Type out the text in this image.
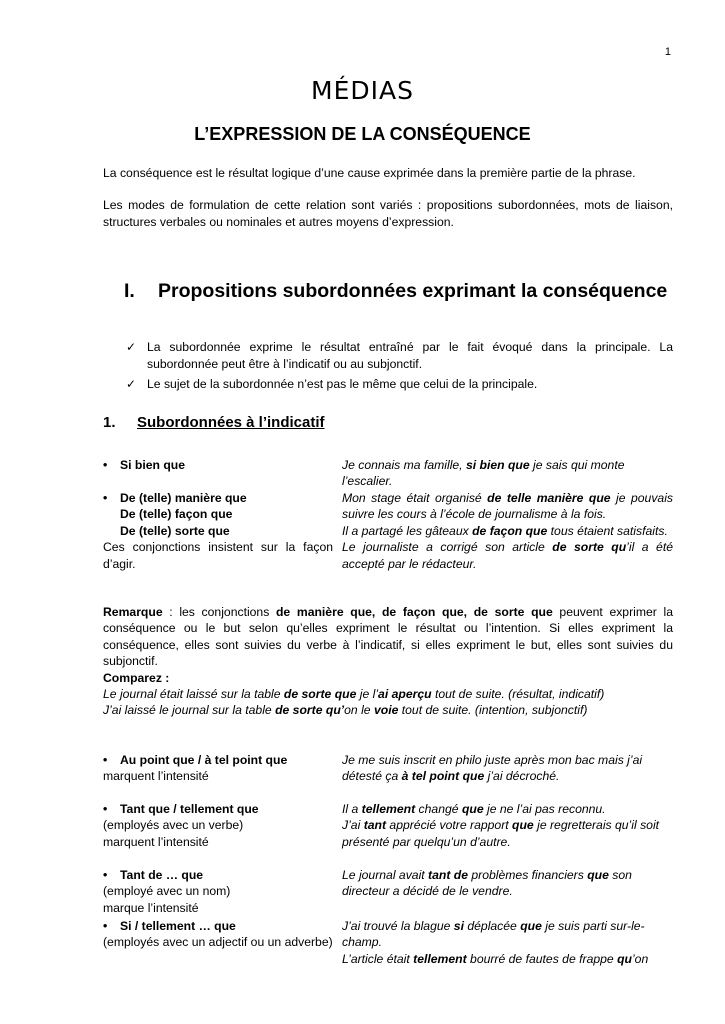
1
MÉDIAS
L’EXPRESSION DE LA CONSÉQUENCE
La conséquence est le résultat logique d’une cause exprimée dans la première partie de la phrase.
Les modes de formulation de cette relation sont variés : propositions subordonnées, mots de liaison, structures verbales ou nominales et autres moyens d’expression.
I. Propositions subordonnées exprimant la conséquence
✓ La subordonnée exprime le résultat entraîné par le fait évoqué dans la principale. La subordonnée peut être à l’indicatif ou au subjonctif.
✓ Le sujet de la subordonnée n’est pas le même que celui de la principale.
1. Subordonnées à l’indicatif
• Si bien que	Je connais ma famille, si bien que je sais qui monte l’escalier.

• De (telle) manière que
De (telle) façon que
De (telle) sorte que
Ces conjonctions insistent sur la façon d’agir.

Mon stage était organisé de telle manière que je pouvais suivre les cours à l’école de journalisme à la fois.

Il a partagé les gâteaux de façon que tous étaient satisfaits.

Le journaliste a corrigé son article de sorte qu’il a été accepté par le rédacteur.

Remarque : les conjonctions de manière que, de façon que, de sorte que peuvent exprimer la conséquence ou le but selon qu’elles expriment le résultat ou l’intention. Si elles expriment la conséquence, elles sont suivies du verbe à l’indicatif, si elles expriment le but, elles sont suivies du subjonctif.
Comparez :
Le journal était laissé sur la table de sorte que je l’ai aperçu tout de suite. (résultat, indicatif)
J’ai laissé le journal sur la table de sorte qu’on le voie tout de suite. (intention, subjonctif)
• Au point que / à tel point que
marquent l’intensité

Je me suis inscrit en philo juste après mon bac mais j’ai détesté ça à tel point que j’ai décroché.

• Tant que / tellement que
(employés avec un verbe)
marquent l’intensité

Il a tellement changé que je ne l’ai pas reconnu.

J’ai tant apprécié votre rapport que je regretterais qu’il soit présenté par quelqu’un d’autre.

• Tant de … que
(employé avec un nom)
marque l’intensité

Le journal avait tant de problèmes financiers que son directeur a décidé de le vendre.

• Si / tellement … que
(employés avec un adjectif ou un adverbe)

J’ai trouvé la blague si déplacée que je suis parti sur-le-champ.

L’article était tellement bourré de fautes de frappe qu’on
